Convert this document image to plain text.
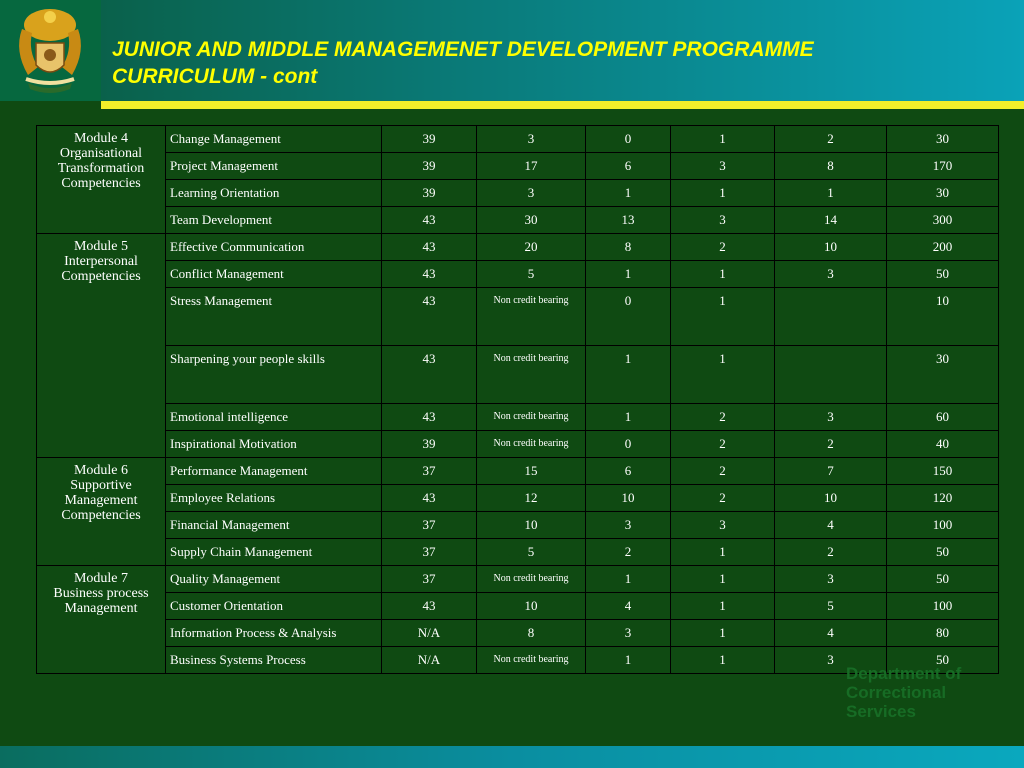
JUNIOR AND MIDDLE MANAGEMENET DEVELOPMENT PROGRAMME
CURRICULUM - cont
Module 4
Organisational
Transformation
Competencies	Change Management	39	3	0	1	2	30
	Project Management	39	17	6	3	8	170
	Learning Orientation	39	3	1	1	1	30
	Team Development	43	30	13	3	14	300

Module 5
Interpersonal
Competencies	Effective Communication	43	20	8	2	10	200
	Conflict Management	43	5	1	1	3	50
	Stress Management	43	Non credit bearing	0	1		10
	Sharpening your people skills	43	Non credit bearing	1	1		30
	Emotional intelligence	43	Non credit bearing	1	2	3	60
	Inspirational Motivation	39	Non credit bearing	0	2	2	40

Module 6
Supportive
Management
Competencies	Performance Management	37	15	6	2	7	150
	Employee Relations	43	12	10	2	10	120
	Financial Management	37	10	3	3	4	100
	Supply Chain Management	37	5	2	1	2	50

Module 7
Business process
Management	Quality Management	37	Non credit bearing	1	1	3	50
	Customer Orientation	43	10	4	1	5	100
	Information Process & Analysis	N/A	8	3	1	4	80
	Business Systems Process	N/A	Non credit bearing	1	1	3	50
Department of
Correctional
Services
